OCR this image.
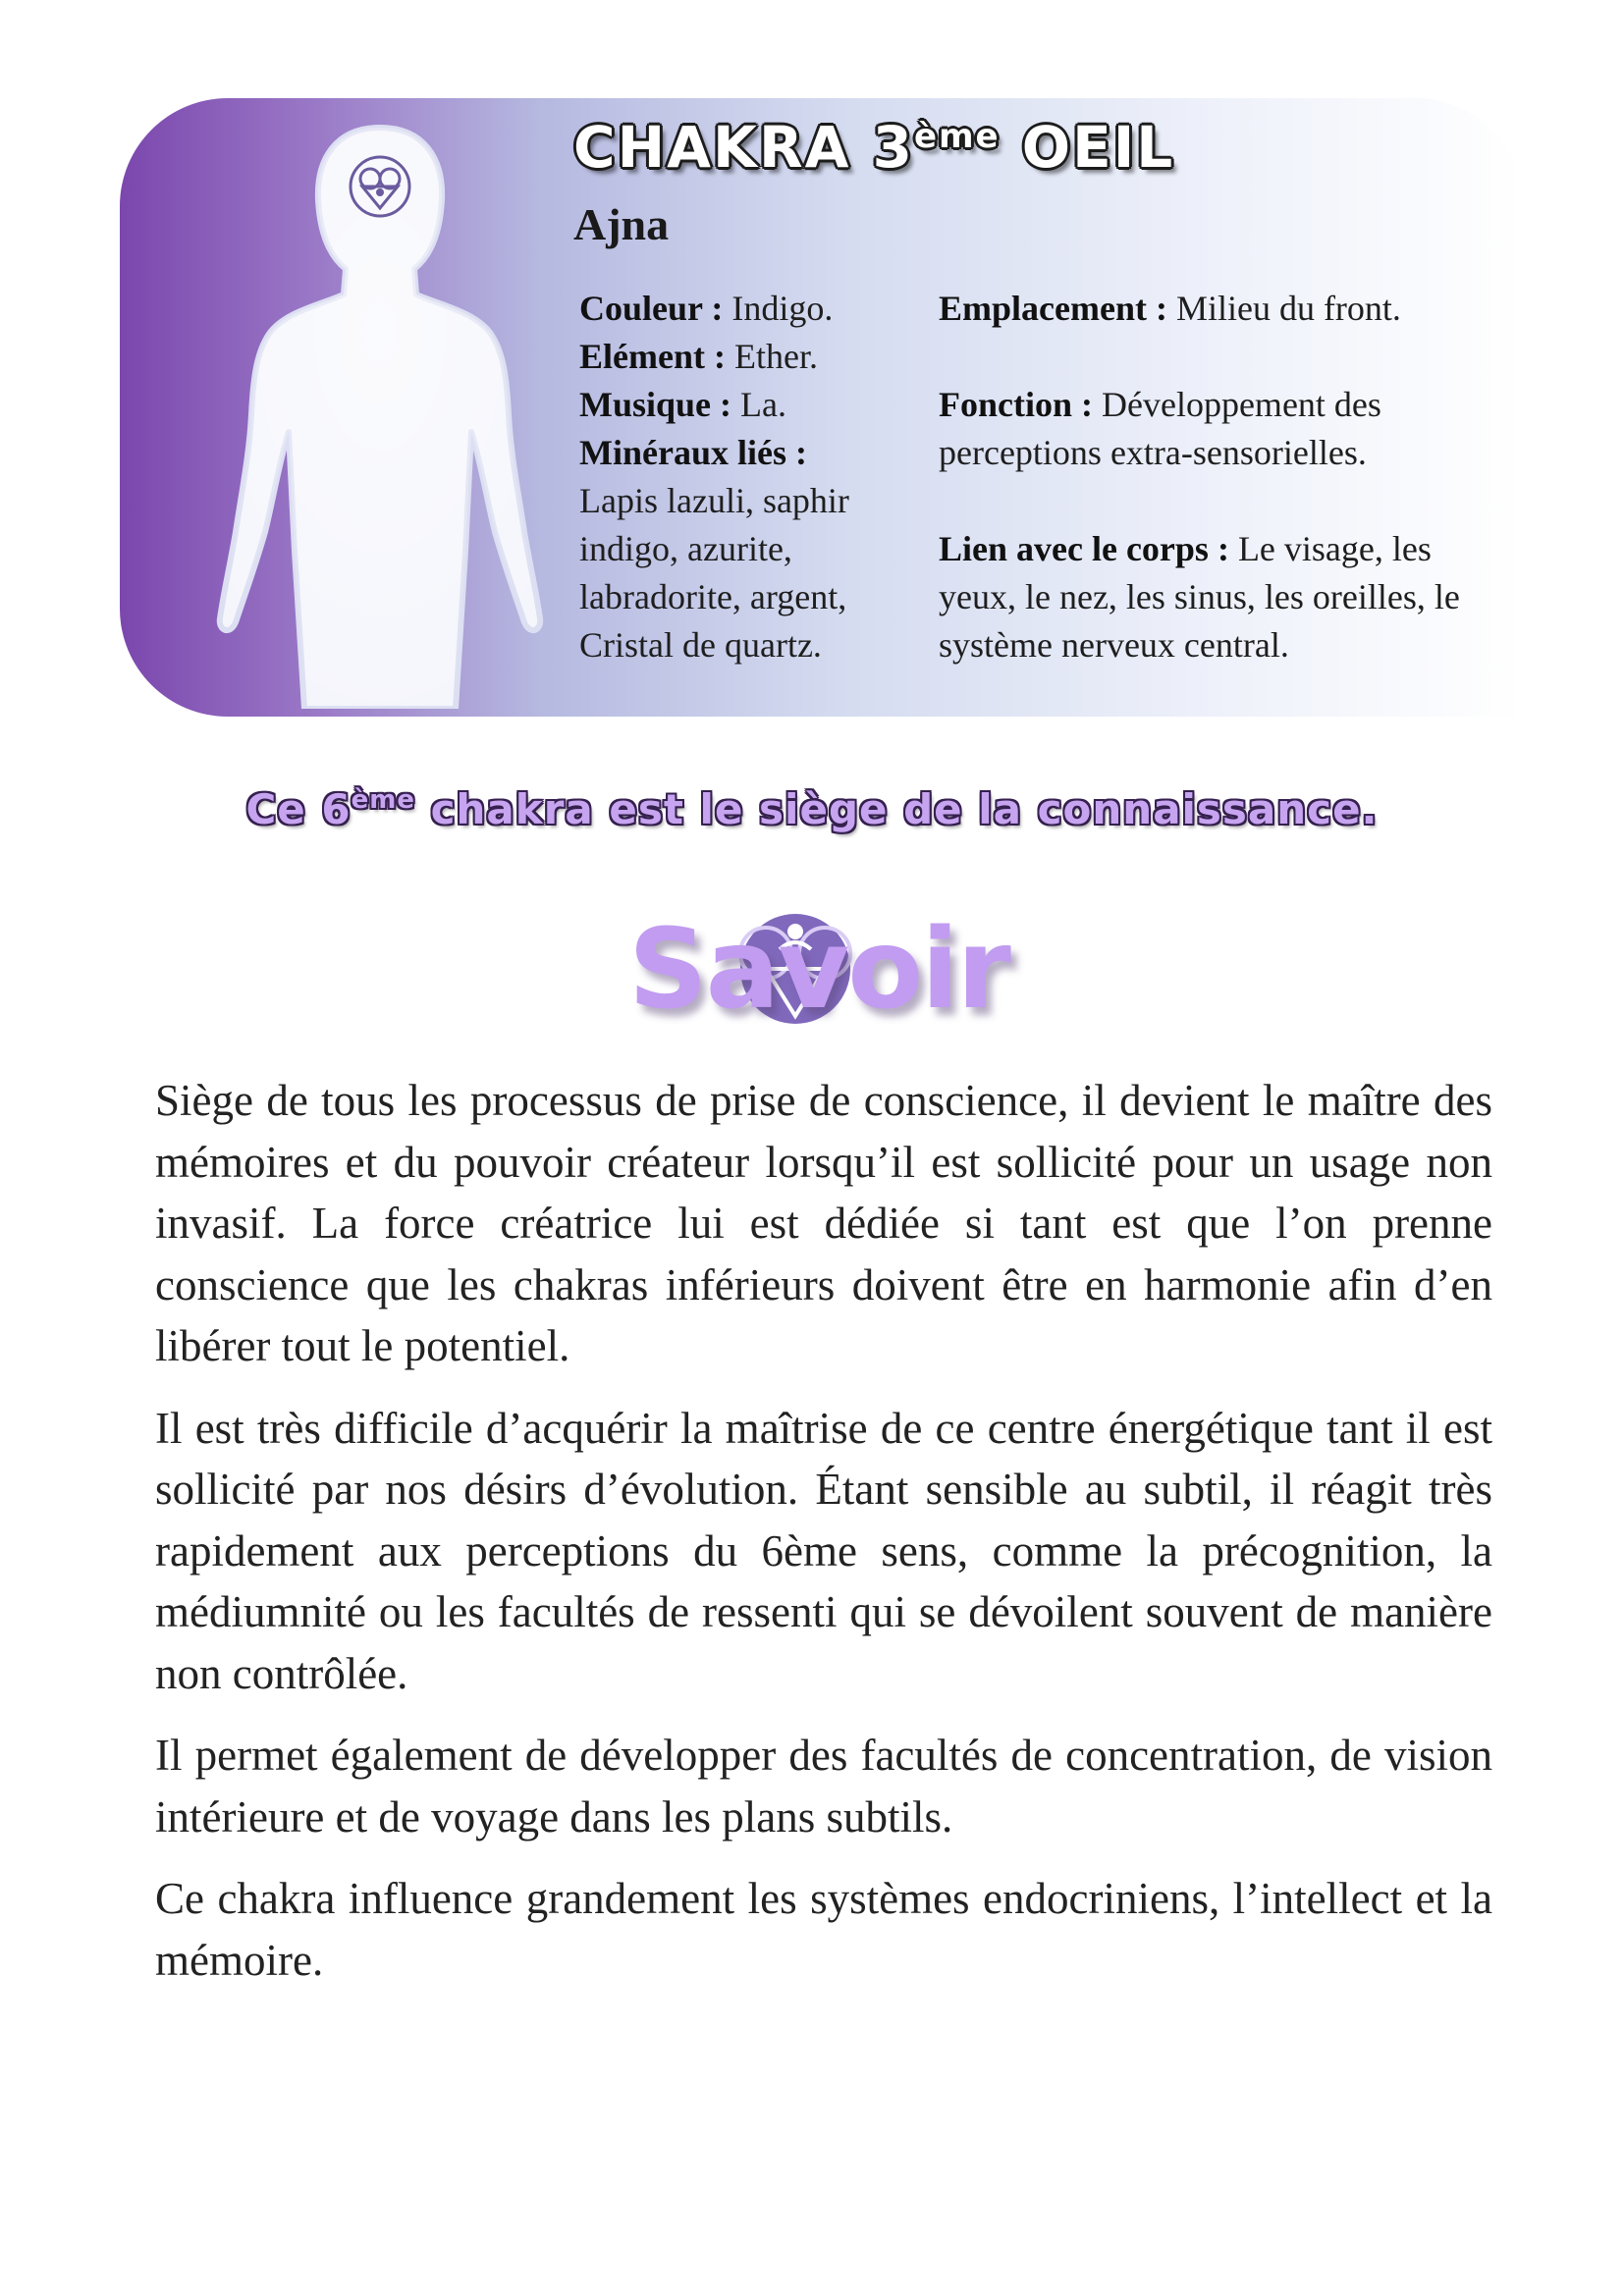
CHAKRA 3ème OEIL
Ajna

Couleur : Indigo.

Elément : Ether.

Musique : La.

Minéraux liés :

Lapis lazuli, saphir indigo, azurite, labradorite, argent, Cristal de quartz.

Emplacement : Milieu du front.

Fonction : Développement des perceptions extra-sensorielles.

Lien avec le corps : Le visage, les yeux, le nez, les sinus, les oreilles, le système nerveux central.

Ce 6ème chakra est le siège de la connaissance.

Savoir

Siège de tous les processus de prise de conscience, il devient le maître des mémoires et du pouvoir créateur lorsqu’il est sollicité pour un usage non invasif. La force créatrice lui est dédiée si tant est que l’on prenne conscience que les chakras inférieurs doivent être en harmonie afin d’en libérer tout le potentiel.

Il est très difficile d’acquérir la maîtrise de ce centre énergétique tant il est sollicité par nos désirs d’évolution. Étant sensible au subtil, il réagit très rapidement aux perceptions du 6ème sens, comme la précognition, la médiumnité ou les facultés de ressenti qui se dévoilent souvent de manière non contrôlée.

Il permet également de développer des facultés de concentration, de vision intérieure et de voyage dans les plans subtils.

Ce chakra influence grandement les systèmes endocriniens, l’intellect et la mémoire.
